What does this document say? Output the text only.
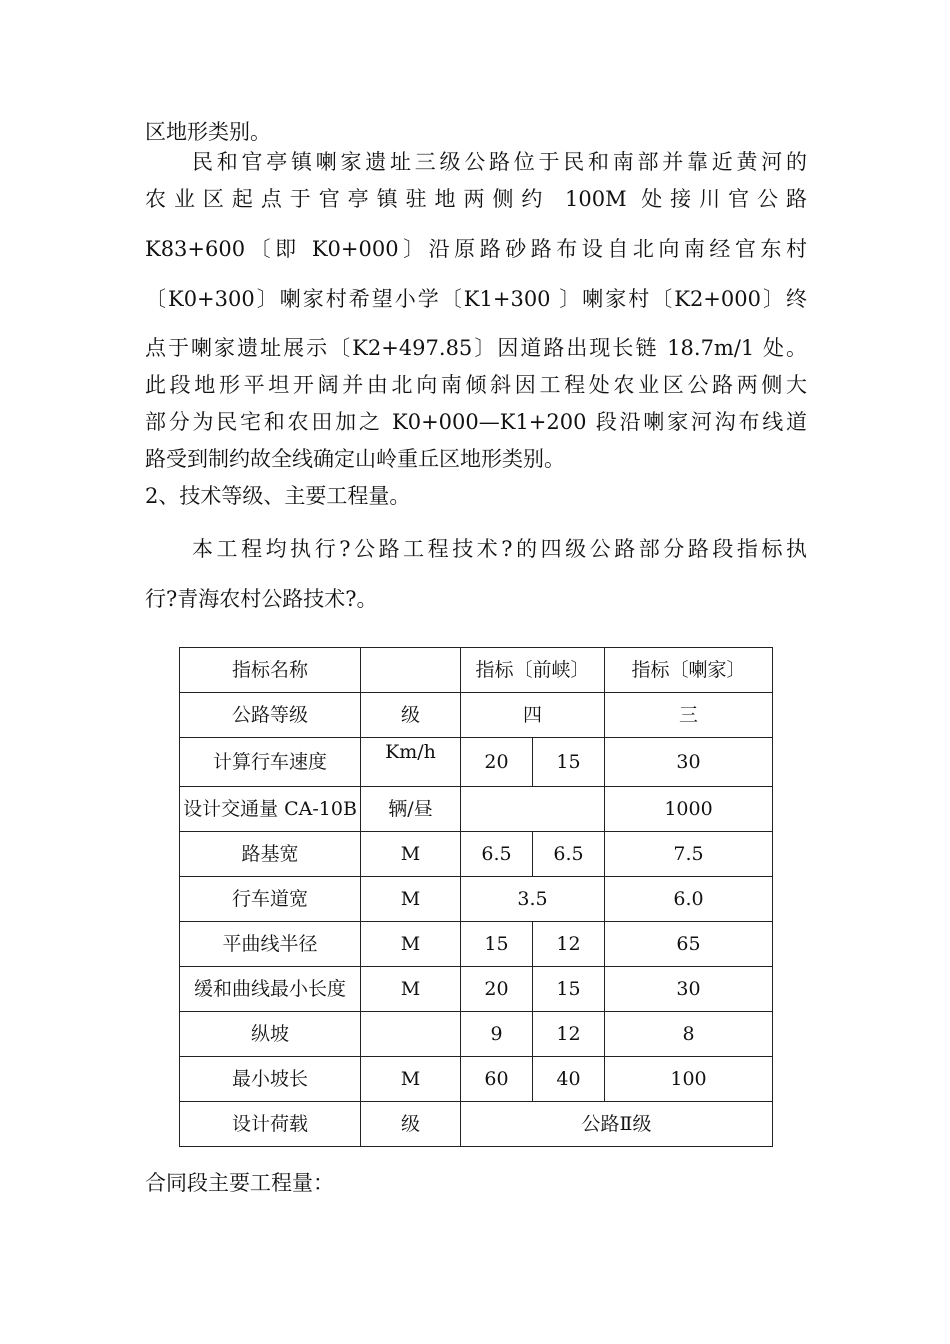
区地形类别。

民和官亭镇喇家遗址三级公路位于民和南部并靠近黄河的

农业区起点于官亭镇驻地两侧约 100M 处接川官公路

K83+600〔即 K0+000〕沿原路砂路布设自北向南经官东村

〔K0+300〕喇家村希望小学〔K1+300 〕喇家村〔K2+000〕终

点于喇家遗址展示〔K2+497.85〕因道路出现长链 18.7m/1 处。

此段地形平坦开阔并由北向南倾斜因工程处农业区公路两侧大

部分为民宅和农田加之 K0+000—K1+200 段沿喇家河沟布线道

路受到制约故全线确定山岭重丘区地形类别。

2、技术等级、主要工程量。

本工程均执行?公路工程技术?的四级公路部分路段指标执

行?青海农村公路技术?。

指标名称		指标〔前峡〕		指标〔喇家〕
公路等级	级	四		三
计算行车速度	Km/h	20	15	30

设计交通量 CA-10B	辆/昼			1000
路基宽	M	6.5	6.5	7.5
行车道宽	M	3.5		6.0
平曲线半径	M	15	12	65

缓和曲线最小长度	M	20	15	30
纵坡		9	12	8
最小坡长	M	60	40	100
设计荷载	级	公路Ⅱ级		

合同段主要工程量：
